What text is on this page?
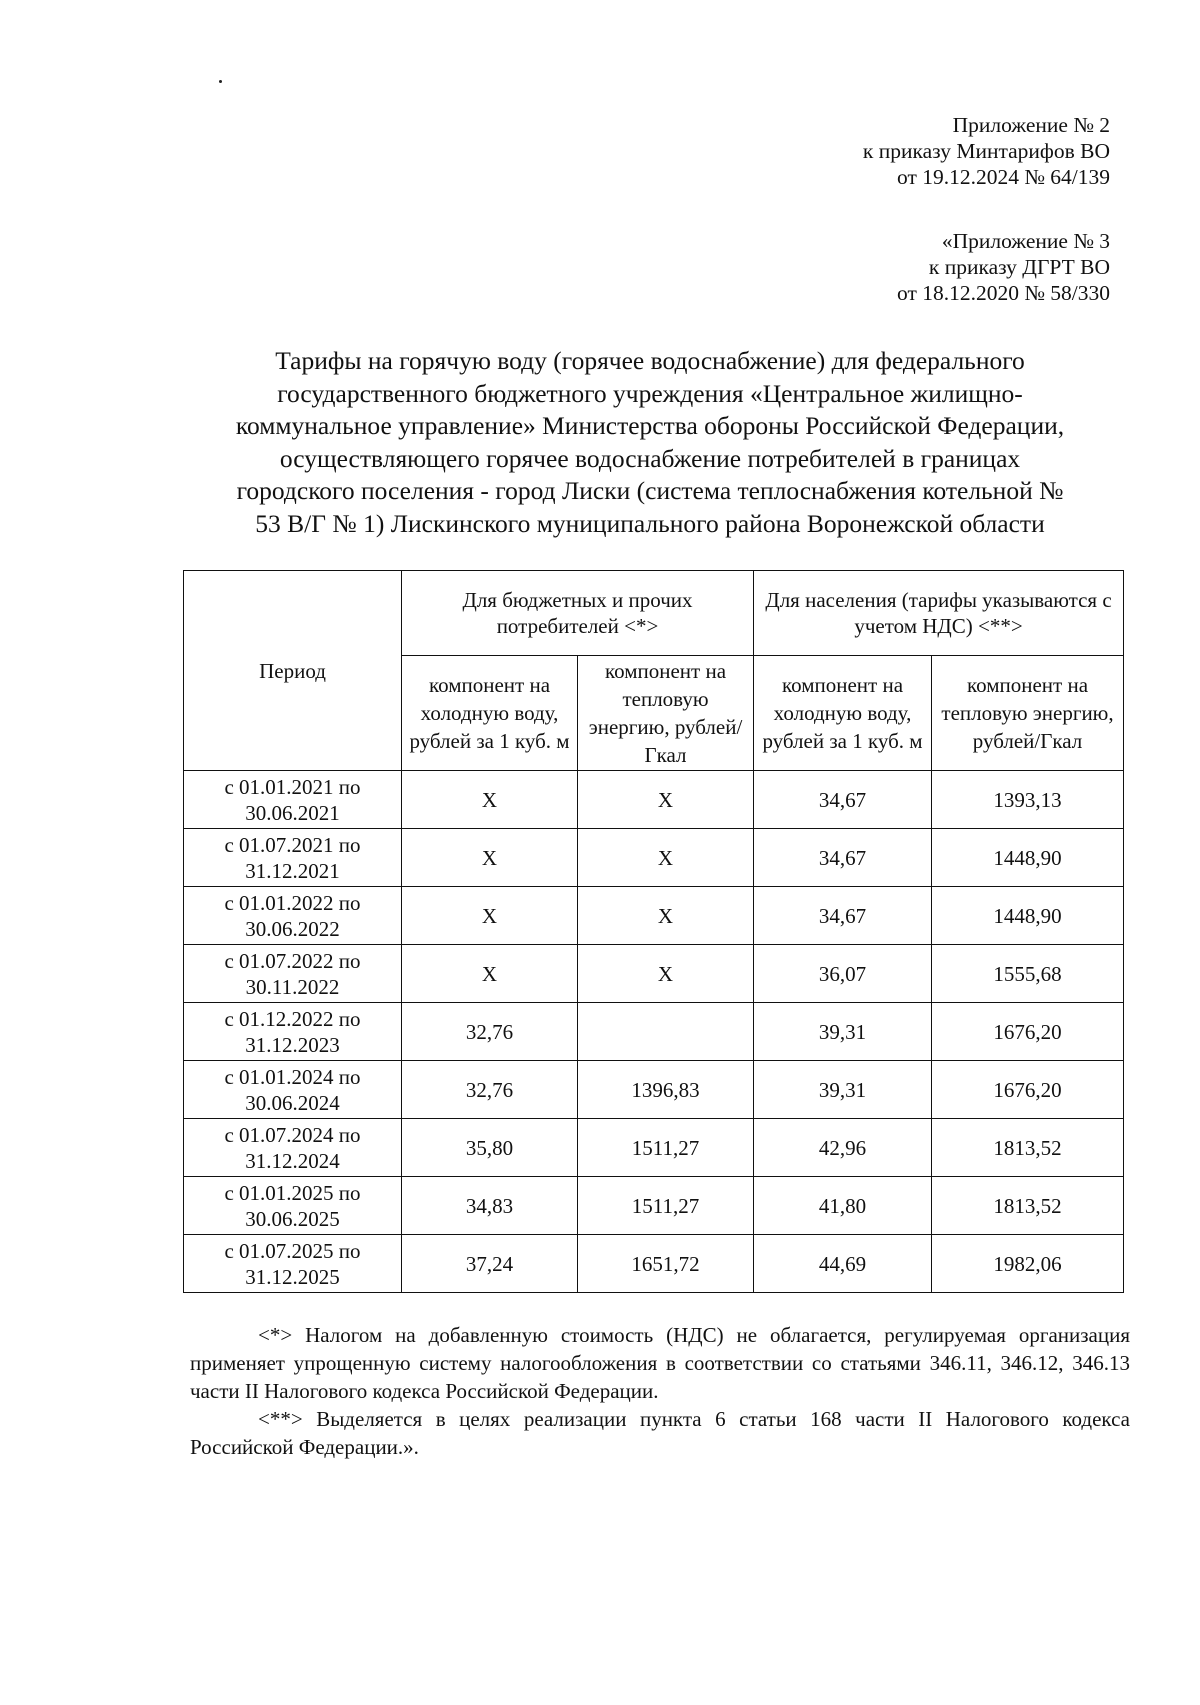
Приложение № 2
к приказу Минтарифов ВО
от 19.12.2024 № 64/139
«Приложение № 3
к приказу ДГРТ ВО
от 18.12.2020 № 58/330
Тарифы на горячую воду (горячее водоснабжение) для федерального
государственного бюджетного учреждения «Центральное жилищно-
коммунальное управление» Министерства обороны Российской Федерации,
осуществляющего горячее водоснабжение потребителей в границах
городского поселения - город Лиски (система теплоснабжения котельной №
53 В/Г № 1) Лискинского муниципального района Воронежской области
Период	Для бюджетных и прочих потребителей <*>		Для населения (тарифы указываются с учетом НДС) <**>	
	компонент на холодную воду, рублей за 1 куб. м	компонент на тепловую энергию, рублей/Гкал	компонент на холодную воду, рублей за 1 куб. м	компонент на тепловую энергию, рублей/Гкал

с 01.01.2021 по
30.06.2021	Х	Х	34,67	1393,13

с 01.07.2021 по
31.12.2021	Х	Х	34,67	1448,90

с 01.01.2022 по
30.06.2022	Х	Х	34,67	1448,90

с 01.07.2022 по
30.11.2022	Х	Х	36,07	1555,68

с 01.12.2022 по
31.12.2023	32,76		39,31	1676,20

с 01.01.2024 по
30.06.2024	32,76	1396,83	39,31	1676,20

с 01.07.2024 по
31.12.2024	35,80	1511,27	42,96	1813,52

с 01.01.2025 по
30.06.2025	34,83	1511,27	41,80	1813,52

с 01.07.2025 по
31.12.2025	37,24	1651,72	44,69	1982,06

<*> Налогом на добавленную стоимость (НДС) не облагается, регулируемая организация применяет упрощенную систему налогообложения в соответствии со статьями 346.11, 346.12, 346.13 части II Налогового кодекса Российской Федерации.

<**> Выделяется в целях реализации пункта 6 статьи 168 части II Налогового кодекса Российской Федерации.».
